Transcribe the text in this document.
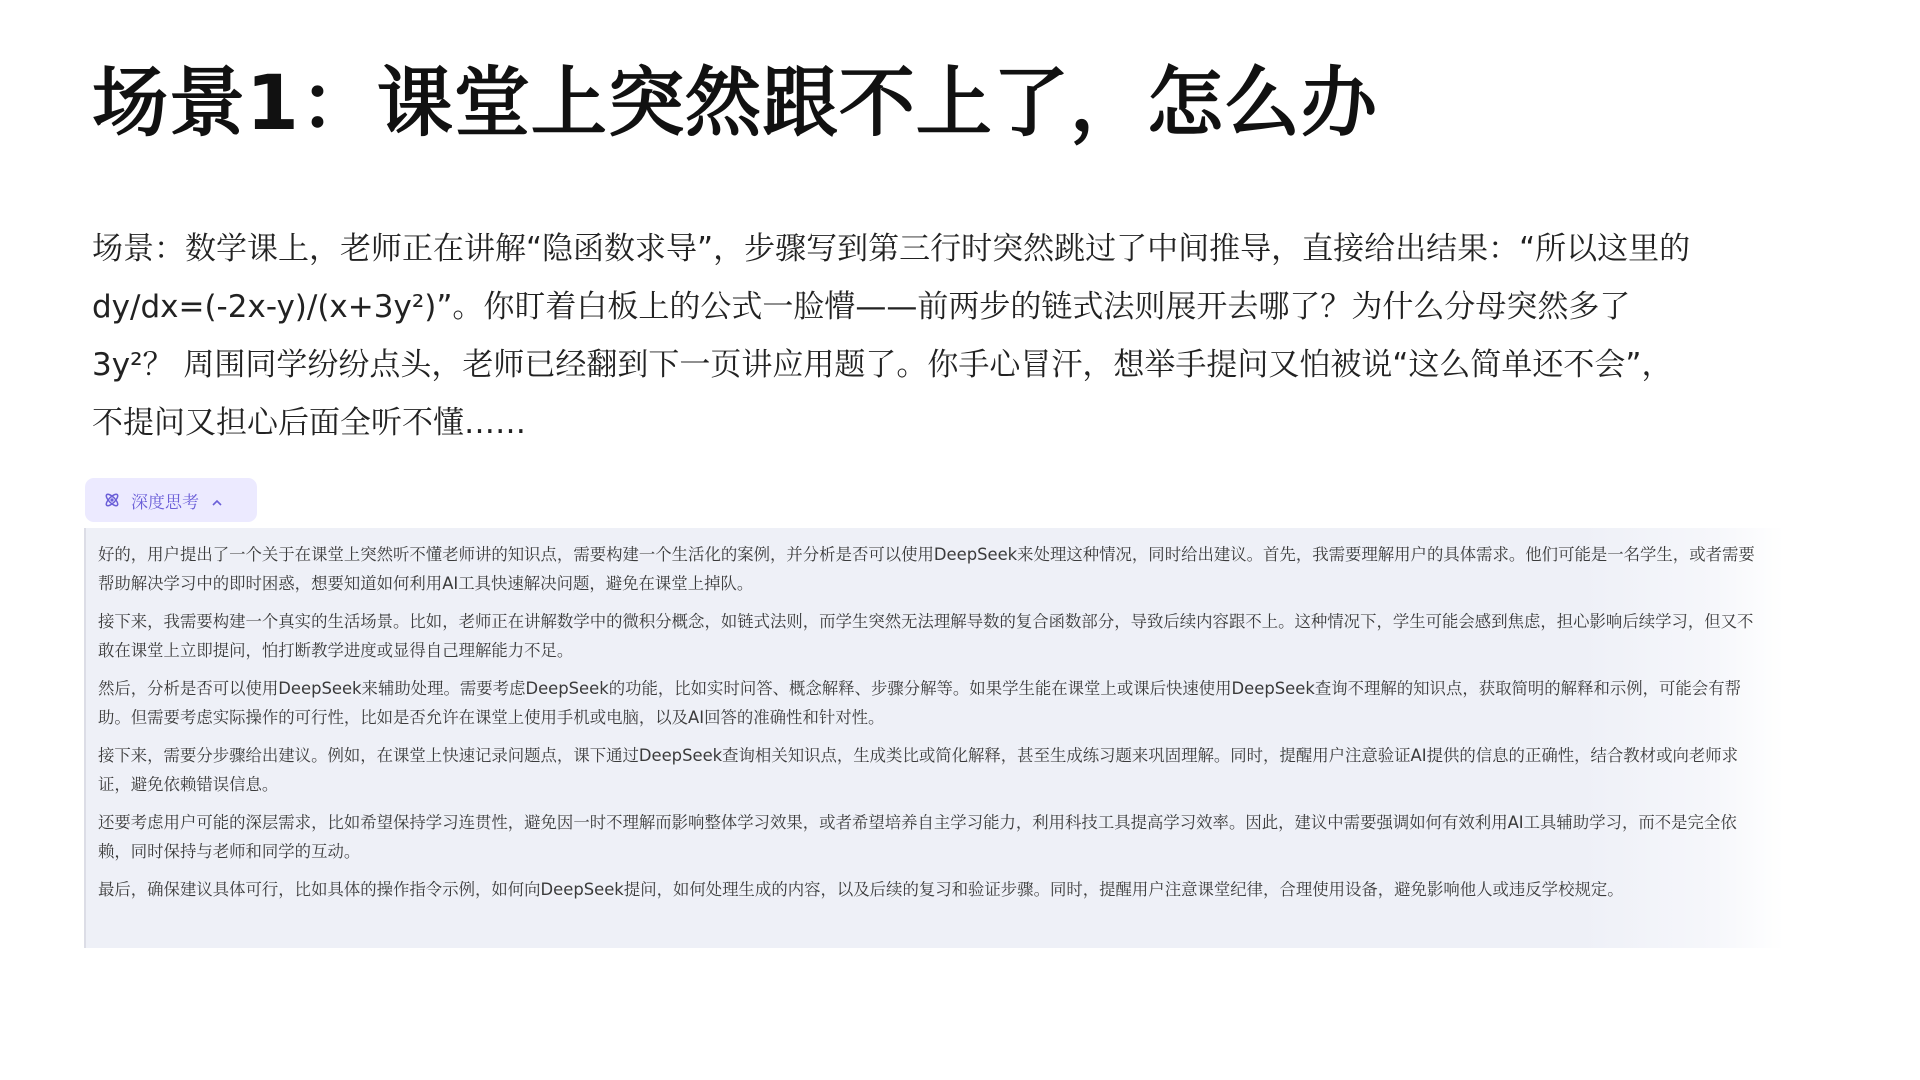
场景1：课堂上突然跟不上了，怎么办

场景：数学课上，老师正在讲解“隐函数求导”，步骤写到第三行时突然跳过了中间推导，直接给出结果：“所以这里的dy/dx=(-2x-y)/(x+3y²)”。你盯着白板上的公式一脸懵——前两步的链式法则展开去哪了？为什么分母突然多了3y²？ 周围同学纷纷点头，老师已经翻到下一页讲应用题了。你手心冒汗，想举手提问又怕被说“这么简单还不会”，不提问又担心后面全听不懂……

深度思考

好的，用户提出了一个关于在课堂上突然听不懂老师讲的知识点，需要构建一个生活化的案例，并分析是否可以使用DeepSeek来处理这种情况，同时给出建议。首先，我需要理解用户的具体需求。他们可能是一名学生，或者需要帮助解决学习中的即时困惑，想要知道如何利用AI工具快速解决问题，避免在课堂上掉队。

接下来，我需要构建一个真实的生活场景。比如，老师正在讲解数学中的微积分概念，如链式法则，而学生突然无法理解导数的复合函数部分，导致后续内容跟不上。这种情况下，学生可能会感到焦虑，担心影响后续学习，但又不敢在课堂上立即提问，怕打断教学进度或显得自己理解能力不足。

然后，分析是否可以使用DeepSeek来辅助处理。需要考虑DeepSeek的功能，比如实时问答、概念解释、步骤分解等。如果学生能在课堂上或课后快速使用DeepSeek查询不理解的知识点，获取简明的解释和示例，可能会有帮助。但需要考虑实际操作的可行性，比如是否允许在课堂上使用手机或电脑，以及AI回答的准确性和针对性。

接下来，需要分步骤给出建议。例如，在课堂上快速记录问题点，课下通过DeepSeek查询相关知识点，生成类比或简化解释，甚至生成练习题来巩固理解。同时，提醒用户注意验证AI提供的信息的正确性，结合教材或向老师求证，避免依赖错误信息。

还要考虑用户可能的深层需求，比如希望保持学习连贯性，避免因一时不理解而影响整体学习效果，或者希望培养自主学习能力，利用科技工具提高学习效率。因此，建议中需要强调如何有效利用AI工具辅助学习，而不是完全依赖，同时保持与老师和同学的互动。

最后，确保建议具体可行，比如具体的操作指令示例，如何向DeepSeek提问，如何处理生成的内容，以及后续的复习和验证步骤。同时，提醒用户注意课堂纪律，合理使用设备，避免影响他人或违反学校规定。
